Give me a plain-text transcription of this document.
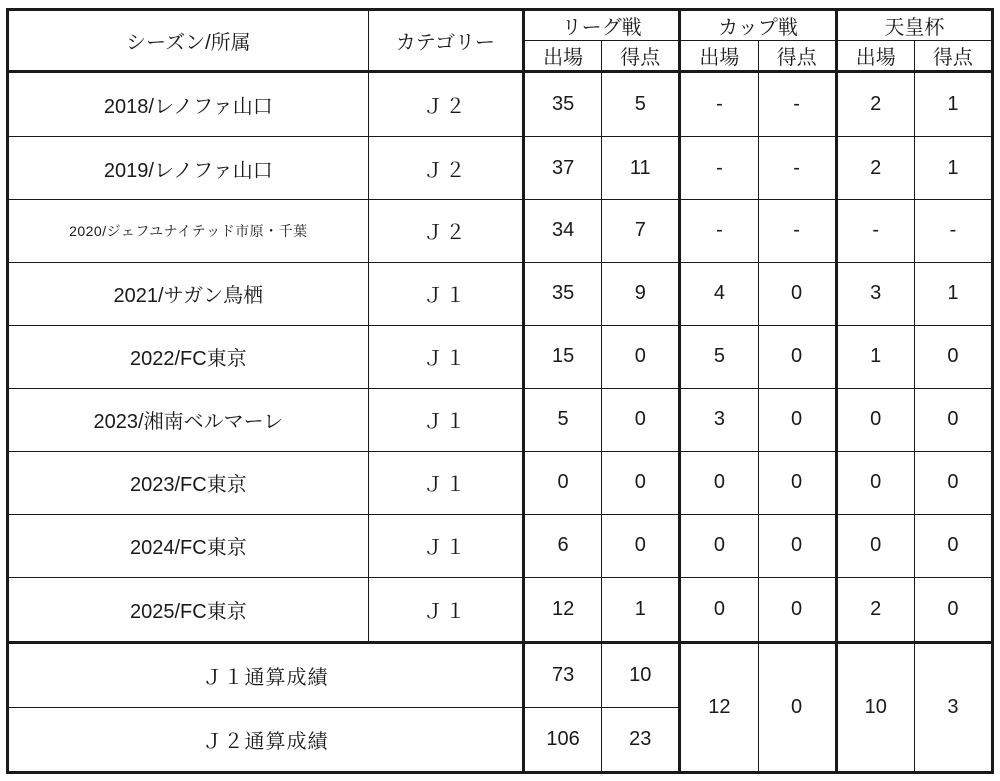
シーズン/所属	カテゴリー	リーグ戦		カップ戦		天皇杯	
		出場	得点	出場	得点	出場	得点
2018/レノファ山口	Ｊ２	35	5	-	-	2	1
2019/レノファ山口	Ｊ２	37	11	-	-	2	1
2020/ジェフユナイテッド市原・千葉	Ｊ２	34	7	-	-	-	-
2021/サガン鳥栖	Ｊ１	35	9	4	0	3	1
2022/FC東京	Ｊ１	15	0	5	0	1	0
2023/湘南ベルマーレ	Ｊ１	5	0	3	0	0	0
2023/FC東京	Ｊ１	0	0	0	0	0	0
2024/FC東京	Ｊ１	6	0	0	0	0	0
2025/FC東京	Ｊ１	12	1	0	0	2	0
Ｊ１通算成績		73	10	12	0	10	3
Ｊ２通算成績		106	23				
